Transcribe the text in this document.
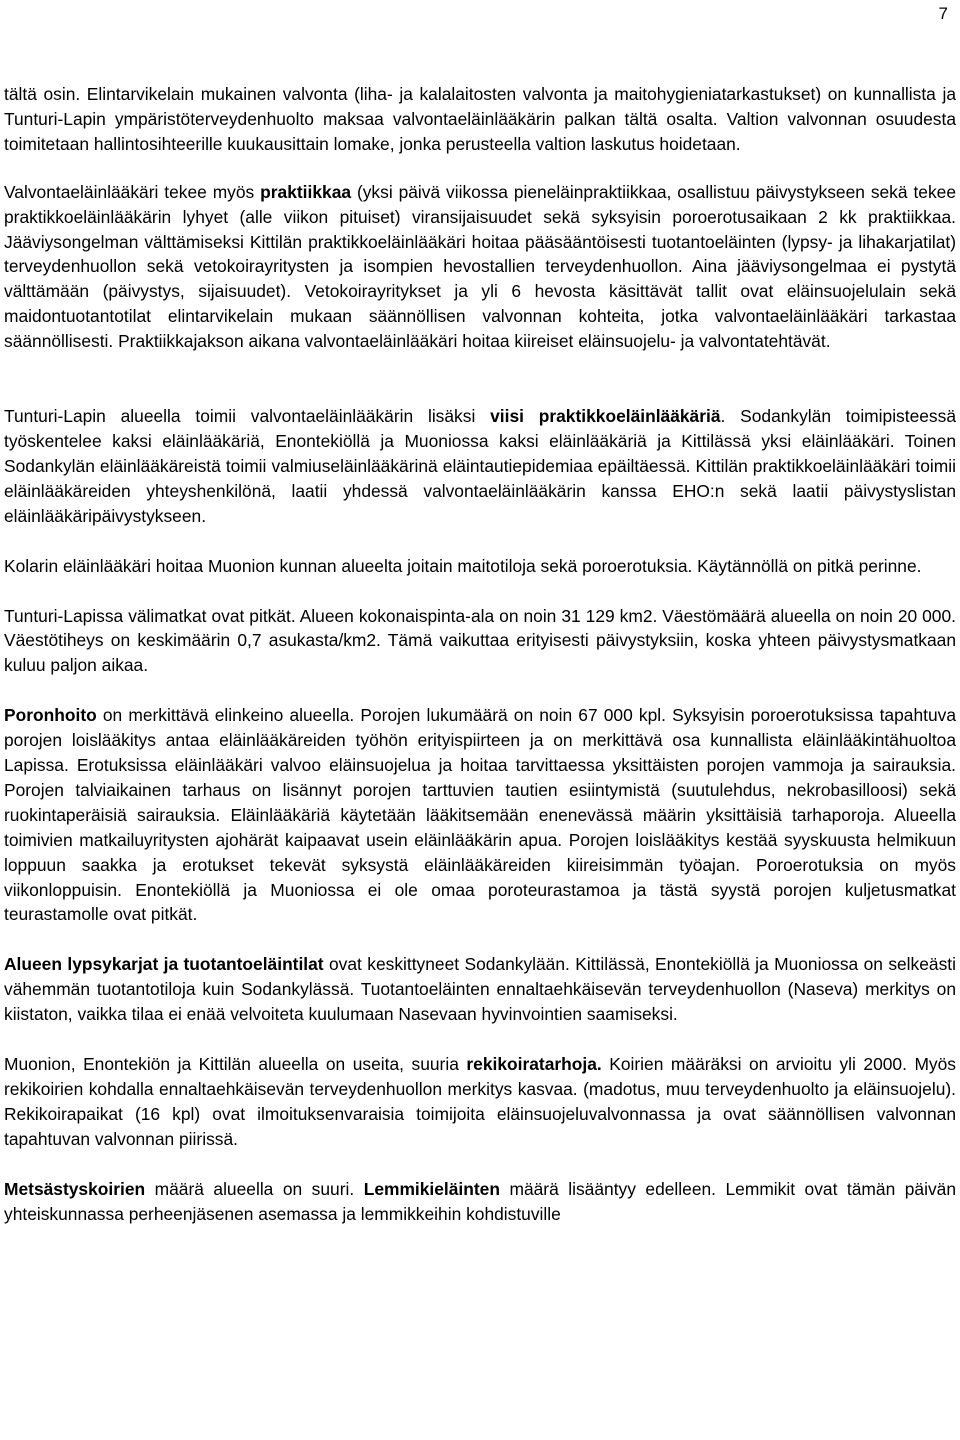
7

tältä osin. Elintarvikelain mukainen valvonta (liha- ja kalalaitosten valvonta ja maitohygieniatarkastukset) on kunnallista ja Tunturi-Lapin ympäristöterveydenhuolto maksaa valvontaeläinlääkärin palkan tältä osalta. Valtion valvonnan osuudesta toimitetaan hallintosihteerille kuukausittain lomake, jonka perusteella valtion laskutus hoidetaan.

Valvontaeläinlääkäri tekee myös praktiikkaa (yksi päivä viikossa pieneläinpraktiikkaa, osallistuu päivystykseen sekä tekee praktikkoeläinlääkärin lyhyet (alle viikon pituiset) viransijaisuudet sekä syksyisin poroerotusaikaan 2 kk praktiikkaa. Jääviysongelman välttämiseksi Kittilän praktikkoeläinlääkäri hoitaa pääsääntöisesti tuotantoeläinten (lypsy- ja lihakarjatilat) terveydenhuollon sekä vetokoirayritysten ja isompien hevostallien terveydenhuollon. Aina jääviysongelmaa ei pystytä välttämään (päivystys, sijaisuudet). Vetokoirayritykset ja yli 6 hevosta käsittävät tallit ovat eläinsuojelulain sekä maidontuotantotilat elintarvikelain mukaan säännöllisen valvonnan kohteita, jotka valvontaeläinlääkäri tarkastaa säännöllisesti. Praktiikkajakson aikana valvontaeläinlääkäri hoitaa kiireiset eläinsuojelu- ja valvontatehtävät.

Tunturi-Lapin alueella toimii valvontaeläinlääkärin lisäksi viisi praktikkoeläinlääkäriä. Sodankylän toimipisteessä työskentelee kaksi eläinlääkäriä, Enontekiöllä ja Muoniossa kaksi eläinlääkäriä ja Kittilässä yksi eläinlääkäri. Toinen Sodankylän eläinlääkäreistä toimii valmiuseläinlääkärinä eläintautiepidemiaa epäiltäessä. Kittilän praktikkoeläinlääkäri toimii eläinlääkäreiden yhteyshenkilönä, laatii yhdessä valvontaeläinlääkärin kanssa EHO:n sekä laatii päivystyslistan eläinlääkäripäivystykseen.

Kolarin eläinlääkäri hoitaa Muonion kunnan alueelta joitain maitotiloja sekä poroerotuksia. Käytännöllä on pitkä perinne.

Tunturi-Lapissa välimatkat ovat pitkät. Alueen kokonaispinta-ala on noin 31 129 km2. Väestömäärä alueella on noin 20 000. Väestötiheys on keskimäärin 0,7 asukasta/km2. Tämä vaikuttaa erityisesti päivystyksiin, koska yhteen päivystysmatkaan kuluu paljon aikaa.

Poronhoito on merkittävä elinkeino alueella. Porojen lukumäärä on noin 67 000 kpl. Syksyisin poroerotuksissa tapahtuva porojen loislääkitys antaa eläinlääkäreiden työhön erityispiirteen ja on merkittävä osa kunnallista eläinlääkintähuoltoa Lapissa. Erotuksissa eläinlääkäri valvoo eläinsuojelua ja hoitaa tarvittaessa yksittäisten porojen vammoja ja sairauksia. Porojen talviaikainen tarhaus on lisännyt porojen tarttuvien tautien esiintymistä (suutulehdus, nekrobasilloosi) sekä ruokintaperäisiä sairauksia. Eläinlääkäriä käytetään lääkitsemään enenevässä määrin yksittäisiä tarhaporoja. Alueella toimivien matkailuyritysten ajohärät kaipaavat usein eläinlääkärin apua. Porojen loislääkitys kestää syyskuusta helmikuun loppuun saakka ja erotukset tekevät syksystä eläinlääkäreiden kiireisimmän työajan. Poroerotuksia on myös viikonloppuisin. Enontekiöllä ja Muoniossa ei ole omaa poroteurastamoa ja tästä syystä porojen kuljetusmatkat teurastamolle ovat pitkät.

Alueen lypsykarjat ja tuotantoeläintilat ovat keskittyneet Sodankylään. Kittilässä, Enontekiöllä ja Muoniossa on selkeästi vähemmän tuotantotiloja kuin Sodankylässä. Tuotantoeläinten ennaltaehkäisevän terveydenhuollon (Naseva) merkitys on kiistaton, vaikka tilaa ei enää velvoiteta kuulumaan Nasevaan hyvinvointien saamiseksi.

Muonion, Enontekiön ja Kittilän alueella on useita, suuria rekikoiratarhoja. Koirien määräksi on arvioitu yli 2000. Myös rekikoirien kohdalla ennaltaehkäisevän terveydenhuollon merkitys kasvaa. (madotus, muu terveydenhuolto ja eläinsuojelu). Rekikoirapaikat (16 kpl) ovat ilmoituksenvaraisia toimijoita eläinsuojeluvalvonnassa ja ovat säännöllisen valvonnan tapahtuvan valvonnan piirissä.

Metsästyskoirien määrä alueella on suuri. Lemmikieläinten määrä lisääntyy edelleen. Lemmikit ovat tämän päivän yhteiskunnassa perheenjäsenen asemassa ja lemmikkeihin kohdistuville
